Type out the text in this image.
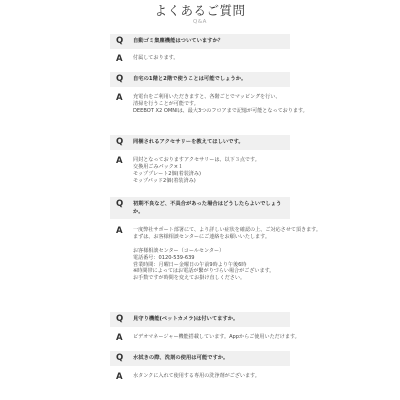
よくあるご質問
Q&A
Q 自動ゴミ集塵機能はついていますか？
A 付属しております。
Q 自宅の1階と2階で使うことは可能でしょうか。
A 充電台をご利用いただきますと、各階ごとでマッピングを行い、
清掃を行うことが可能です。
DEEBOT X2 OMNIは、最大3つのフロアまで記憶が可能となっております。
Q 同梱されるアクセサリーを教えてほしいです。
A 同封となっておりますアクセサリーは、以下３点です。
交換用ごみパック×１
モッププレート2個(着装済み)
モップパッド2個(着装済み)
Q 初期不良など、不具合があった場合はどうしたらよいでしょうか。
A 一度弊社サポート部署にて、より詳しい症状を確認の上、ご対応させて頂きます。
まずは、お客様相談センターにご連絡をお願いいたします。

お客様相談センター（コールセンター）
電話番号：0120-539-639
営業時間：月曜日ー金曜日の午前9時より午後6時
※時間帯によってはお電話が繋がりづらい場合がございます。
お手数ですが時間を変えてお掛け直しください。
Q 見守り機能(ペットカメラ)は付いてますか。
A ビデオマネージャー機能搭載しています。Appからご使用いただけます。
Q 水拭きの際、洗剤の使用は可能ですか。
A 水タンクに入れて使用する専用の洗浄剤がございます。
